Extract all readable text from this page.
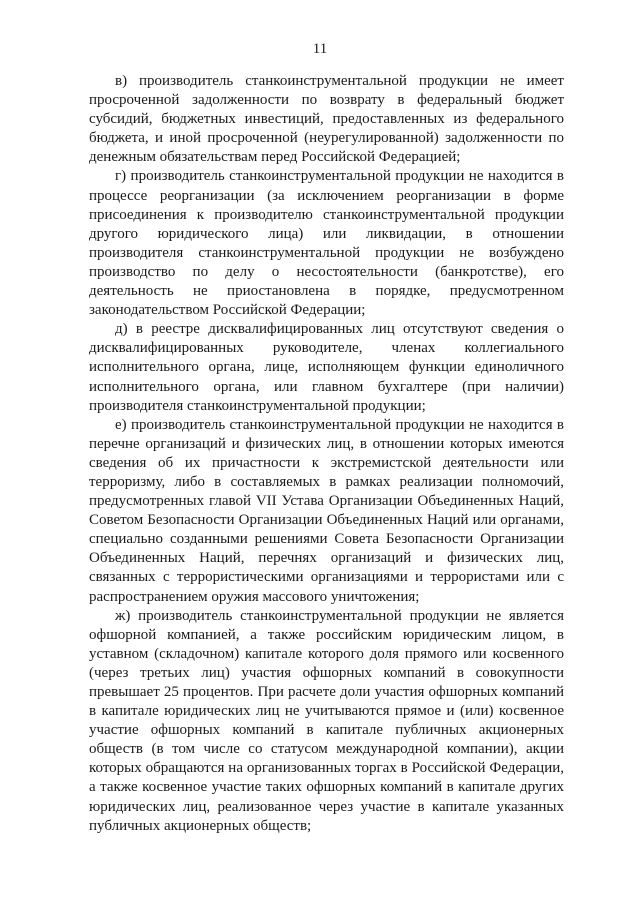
11

в) производитель станкоинструментальной продукции не имеет просроченной задолженности по возврату в федеральный бюджет субсидий, бюджетных инвестиций, предоставленных из федерального бюджета, и иной просроченной (неурегулированной) задолженности по денежным обязательствам перед Российской Федерацией;

г) производитель станкоинструментальной продукции не находится в процессе реорганизации (за исключением реорганизации в форме присоединения к производителю станкоинструментальной продукции другого юридического лица) или ликвидации, в отношении производителя станкоинструментальной продукции не возбуждено производство по делу о несостоятельности (банкротстве), его деятельность не приостановлена в порядке, предусмотренном законодательством Российской Федерации;

д) в реестре дисквалифицированных лиц отсутствуют сведения о дисквалифицированных руководителе, членах коллегиального исполнительного органа, лице, исполняющем функции единоличного исполнительного органа, или главном бухгалтере (при наличии) производителя станкоинструментальной продукции;

е) производитель станкоинструментальной продукции не находится в перечне организаций и физических лиц, в отношении которых имеются сведения об их причастности к экстремистской деятельности или терроризму, либо в составляемых в рамках реализации полномочий, предусмотренных главой VII Устава Организации Объединенных Наций, Советом Безопасности Организации Объединенных Наций или органами, специально созданными решениями Совета Безопасности Организации Объединенных Наций, перечнях организаций и физических лиц, связанных с террористическими организациями и террористами или с распространением оружия массового уничтожения;

ж) производитель станкоинструментальной продукции не является офшорной компанией, а также российским юридическим лицом, в уставном (складочном) капитале которого доля прямого или косвенного (через третьих лиц) участия офшорных компаний в совокупности превышает 25 процентов. При расчете доли участия офшорных компаний в капитале юридических лиц не учитываются прямое и (или) косвенное участие офшорных компаний в капитале публичных акционерных обществ (в том числе со статусом международной компании), акции которых обращаются на организованных торгах в Российской Федерации, а также косвенное участие таких офшорных компаний в капитале других юридических лиц, реализованное через участие в капитале указанных публичных акционерных обществ;
